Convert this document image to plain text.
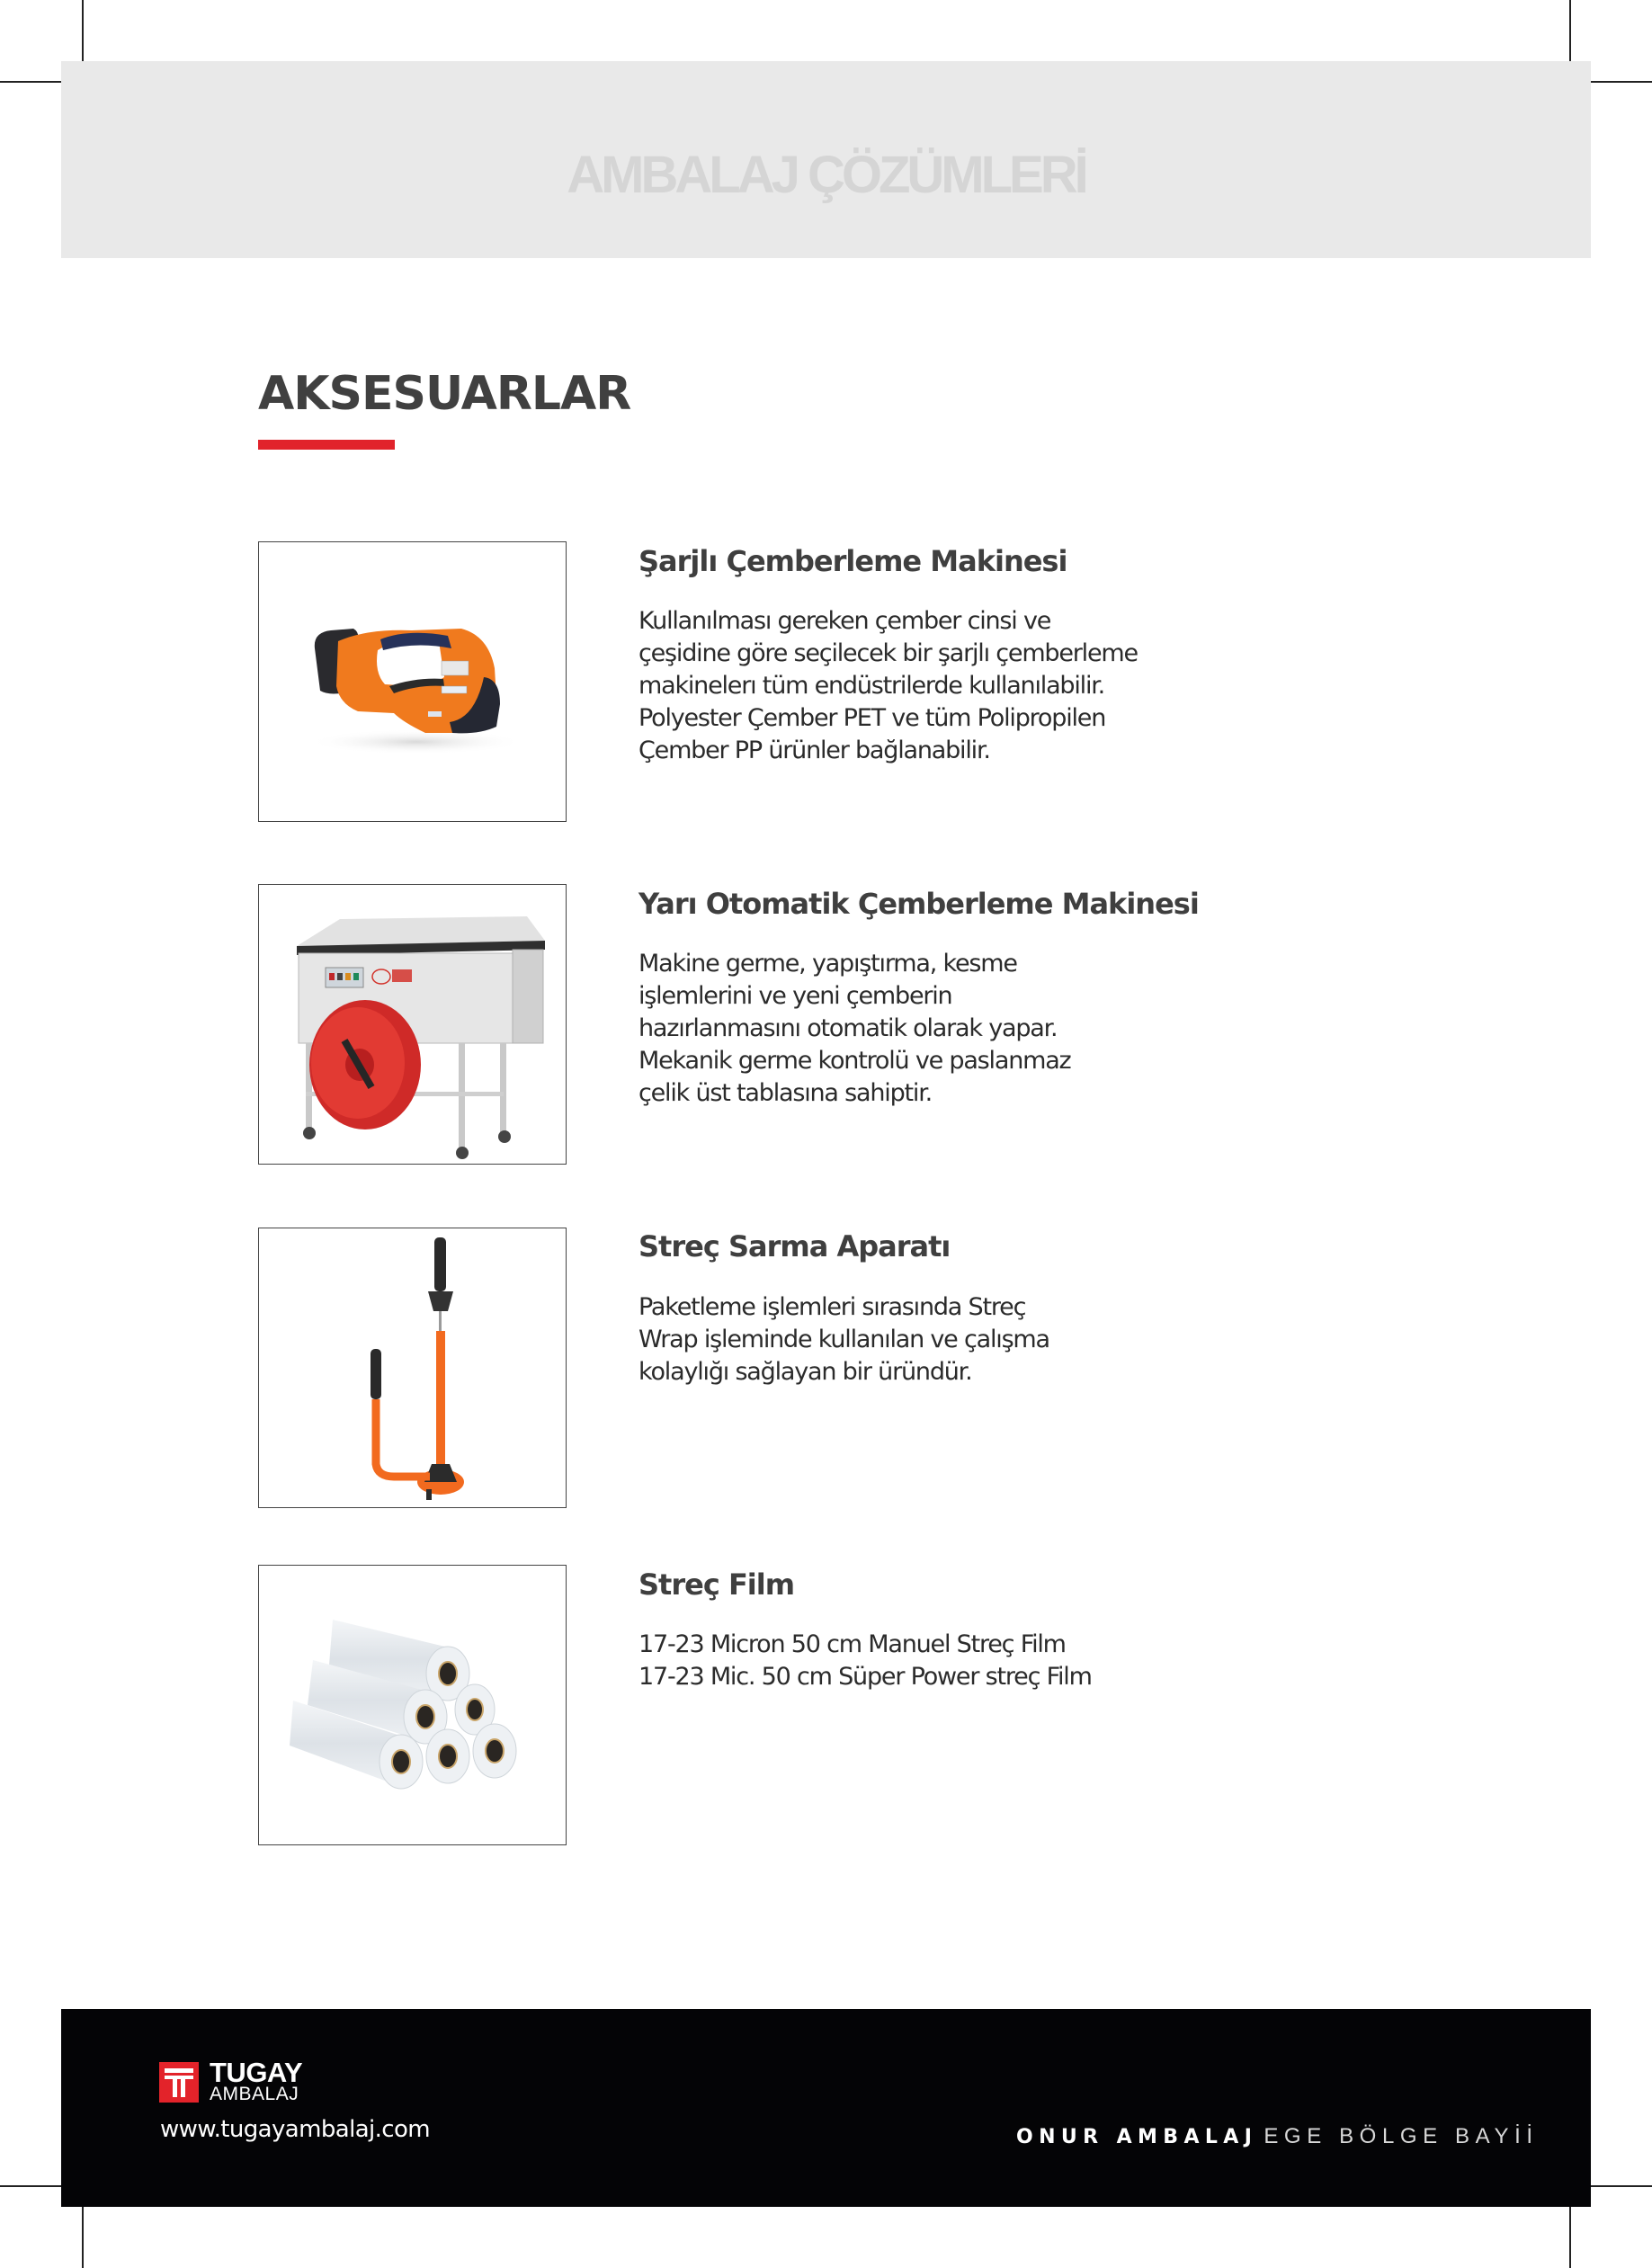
AMBALAJ ÇÖZÜMLERİ
AKSESUARLAR
Şarjlı Çemberleme Makinesi
Kullanılması gereken çember cinsi ve
çeşidine göre seçilecek bir şarjlı çemberleme
makinelerı tüm endüstrilerde kullanılabilir.
Polyester Çember PET ve tüm Polipropilen
Çember PP ürünler bağlanabilir.
Yarı Otomatik Çemberleme Makinesi
Makine germe, yapıştırma, kesme
işlemlerini ve yeni çemberin
hazırlanmasını otomatik olarak yapar.
Mekanik germe kontrolü ve paslanmaz
çelik üst tablasına sahiptir.
Streç Sarma Aparatı
Paketleme işlemleri sırasında Streç
Wrap işleminde kullanılan ve çalışma
kolaylığı sağlayan bir üründür.
Streç Film
17-23 Micron 50 cm Manuel Streç Film
17-23 Mic. 50 cm Süper Power streç Film
TUGAY
AMBALAJ
www.tugayambalaj.com	ONUR AMBALAJ EGE BÖLGE BAYİİ
